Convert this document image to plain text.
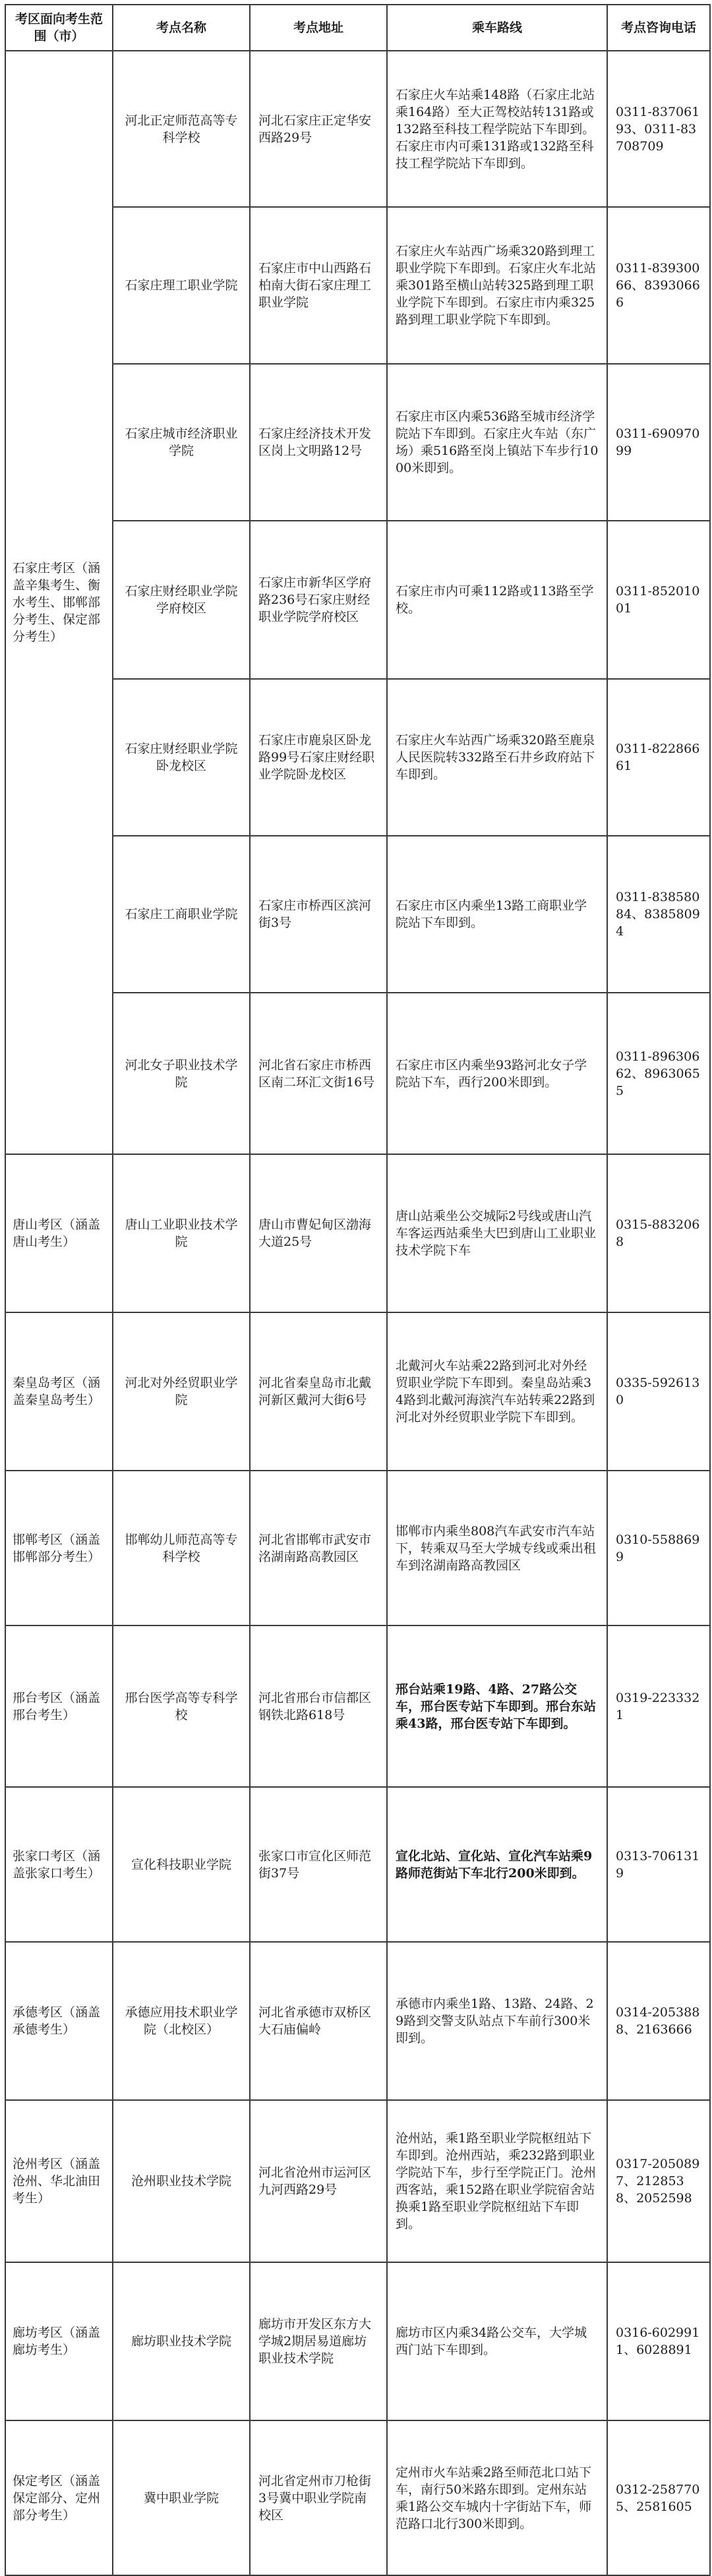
考区面向考生范围（市）	考点名称	考点地址	乘车路线	考点咨询电话
石家庄考区（涵盖辛集考生、衡水考生、邯郸部分考生、保定部分考生）	河北正定师范高等专科学校	河北石家庄正定华安西路29号	石家庄火车站乘148路（石家庄北站乘164路）至大正驾校站转131路或132路至科技工程学院站下车即到。石家庄市内可乘131路或132路至科技工程学院站下车即到。	0311-83706193、0311-83708709
	石家庄理工职业学院	石家庄市中山西路石柏南大街石家庄理工职业学院	石家庄火车站西广场乘320路到理工职业学院下车即到。石家庄火车北站乘301路至横山站转325路到理工职业学院下车即到。石家庄市内乘325路到理工职业学院下车即到。	0311-83930066、83930666
	石家庄城市经济职业学院	石家庄经济技术开发区岗上文明路12号	石家庄市区内乘536路至城市经济学院站下车即到。石家庄火车站（东广场）乘516路至岗上镇站下车步行1000米即到。	0311-69097099
	石家庄财经职业学院学府校区	石家庄市新华区学府路236号石家庄财经职业学院学府校区	石家庄市内可乘112路或113路至学校。	0311-85201001
	石家庄财经职业学院卧龙校区	石家庄市鹿泉区卧龙路99号石家庄财经职业学院卧龙校区	石家庄火车站西广场乘320路至鹿泉人民医院转332路至石井乡政府站下车即到。	0311-82286661
	石家庄工商职业学院	石家庄市桥西区滨河街3号	石家庄市区内乘坐13路工商职业学院站下车即到。	0311-83858084、83858094
	河北女子职业技术学院	河北省石家庄市桥西区南二环汇文街16号	石家庄市区内乘坐93路河北女子学院站下车，西行200米即到。	0311-89630662、89630655
唐山考区（涵盖唐山考生）	唐山工业职业技术学院	唐山市曹妃甸区渤海大道25号	唐山站乘坐公交城际2号线或唐山汽车客运西站乘坐大巴到唐山工业职业技术学院下车	0315-8832068
秦皇岛考区（涵盖秦皇岛考生）	河北对外经贸职业学院	河北省秦皇岛市北戴河新区戴河大街6号	北戴河火车站乘22路到河北对外经贸职业学院下车即到。秦皇岛站乘34路到北戴河海滨汽车站转乘22路到河北对外经贸职业学院下车即到。	0335-5926130
邯郸考区（涵盖邯郸部分考生）	邯郸幼儿师范高等专科学校	河北省邯郸市武安市洺湖南路高教园区	邯郸市内乘坐808汽车武安市汽车站下，转乘双马至大学城专线或乘出租车到洺湖南路高教园区	0310-5588699
邢台考区（涵盖邢台考生）	邢台医学高等专科学校	河北省邢台市信都区钢铁北路618号	邢台站乘19路、4路、27路公交车，邢台医专站下车即到。邢台东站乘43路，邢台医专站下车即到。	0319-2233321
张家口考区（涵盖张家口考生）	宣化科技职业学院	张家口市宣化区师范街37号	宣化北站、宣化站、宣化汽车站乘9路师范街站下车北行200米即到。	0313-7061319
承德考区（涵盖承德考生）	承德应用技术职业学院（北校区）	河北省承德市双桥区大石庙偏岭	承德市内乘坐1路、13路、24路、29路到交警支队站点下车前行300米即到。	0314-2053888、2163666
沧州考区（涵盖沧州、华北油田考生）	沧州职业技术学院	河北省沧州市运河区九河西路29号	沧州站，乘1路至职业学院枢纽站下车即到。沧州西站，乘232路到职业学院站下车，步行至学院正门。沧州西客站，乘152路在职业学院宿舍站换乘1路至职业学院枢纽站下车即到。	0317-2050897、2128538、2052598
廊坊考区（涵盖廊坊考生）	廊坊职业技术学院	廊坊市开发区东方大学城2期居易道廊坊职业技术学院	廊坊市区内乘34路公交车，大学城西门站下车即到。	0316-6029911、6028891
保定考区（涵盖保定部分、定州部分考生）	冀中职业学院	河北省定州市刀枪街3号冀中职业学院南校区	定州市火车站乘2路至师范北口站下车，南行50米路东即到。定州东站乘1路公交车城内十字街站下车，师范路口北行300米即到。	0312-2587705、2581605
